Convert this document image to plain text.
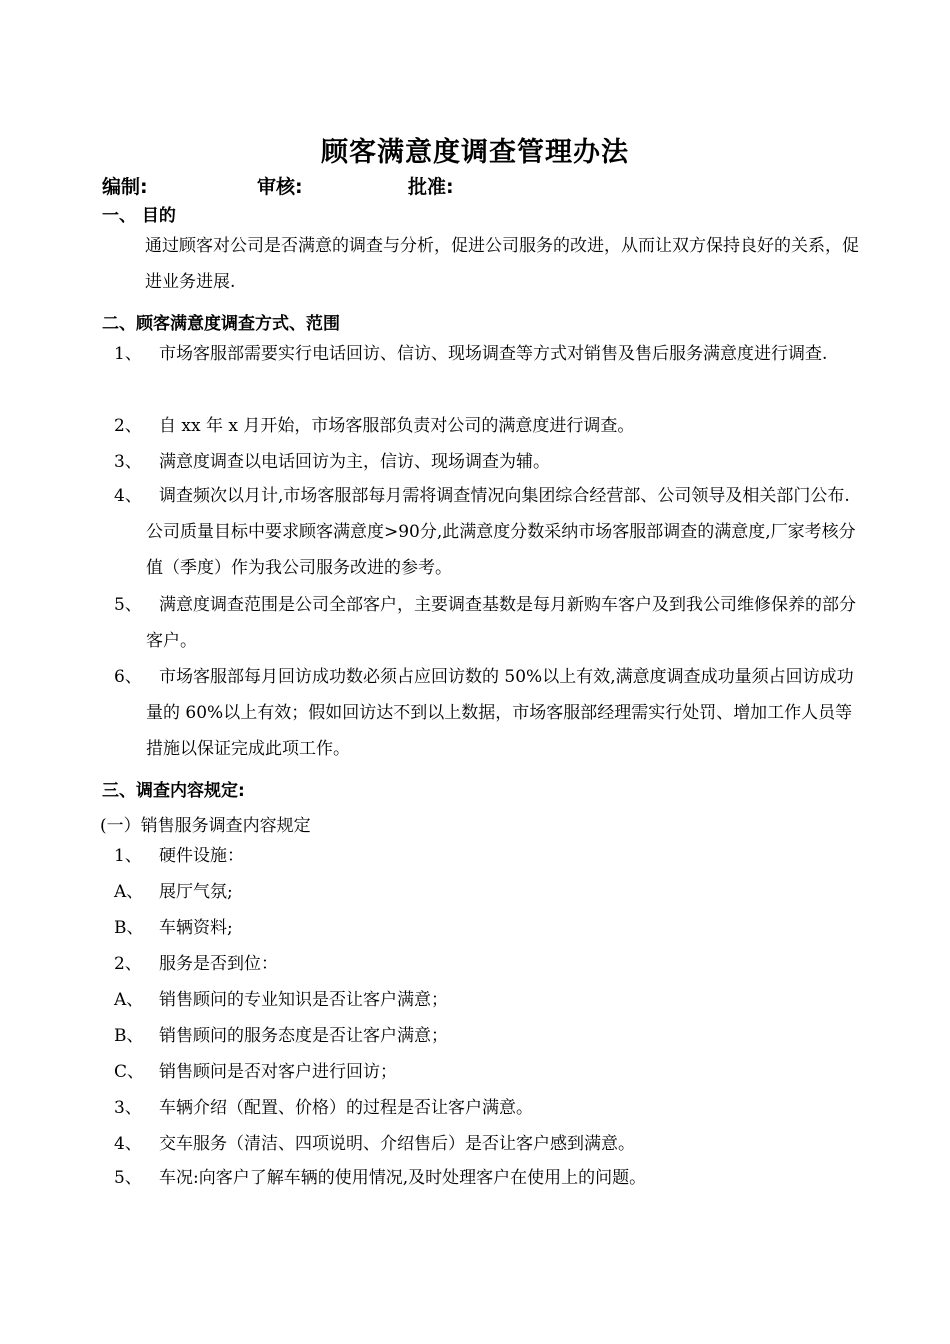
顾客满意度调查管理办法
编制:	审核:	批准:
一、 目的

通过顾客对公司是否满意的调查与分析，促进公司服务的改进，从而让双方保持良好的关系，促进业务进展.

二、顾客满意度调查方式、范围
1、	市场客服部需要实行电话回访、信访、现场调查等方式对销售及售后服务满意度进行调查.
2、 自 xx 年 x 月开始，市场客服部负责对公司的满意度进行调查。
3、 满意度调查以电话回访为主，信访、现场调查为辅。
4、	调查频次以月计,市场客服部每月需将调查情况向集团综合经营部、公司领导及相关部门公布.公司质量目标中要求顾客满意度>90分,此满意度分数采纳市场客服部调查的满意度,厂家考核分值（季度）作为我公司服务改进的参考。
5、	满意度调查范围是公司全部客户，主要调查基数是每月新购车客户及到我公司维修保养的部分客户。
6、	市场客服部每月回访成功数必须占应回访数的 50%以上有效,满意度调查成功量须占回访成功量的 60%以上有效；假如回访达不到以上数据，市场客服部经理需实行处罚、增加工作人员等措施以保证完成此项工作。
三、调查内容规定:
(一）销售服务调查内容规定
1、 硬件设施：
A、 展厅气氛;
B、 车辆资料;
2、 服务是否到位：
A、 销售顾问的专业知识是否让客户满意；
B、 销售顾问的服务态度是否让客户满意；
C、 销售顾问是否对客户进行回访；
3、 车辆介绍（配置、价格）的过程是否让客户满意。
4、 交车服务（清洁、四项说明、介绍售后）是否让客户感到满意。
5、 车况:向客户了解车辆的使用情况,及时处理客户在使用上的问题。
